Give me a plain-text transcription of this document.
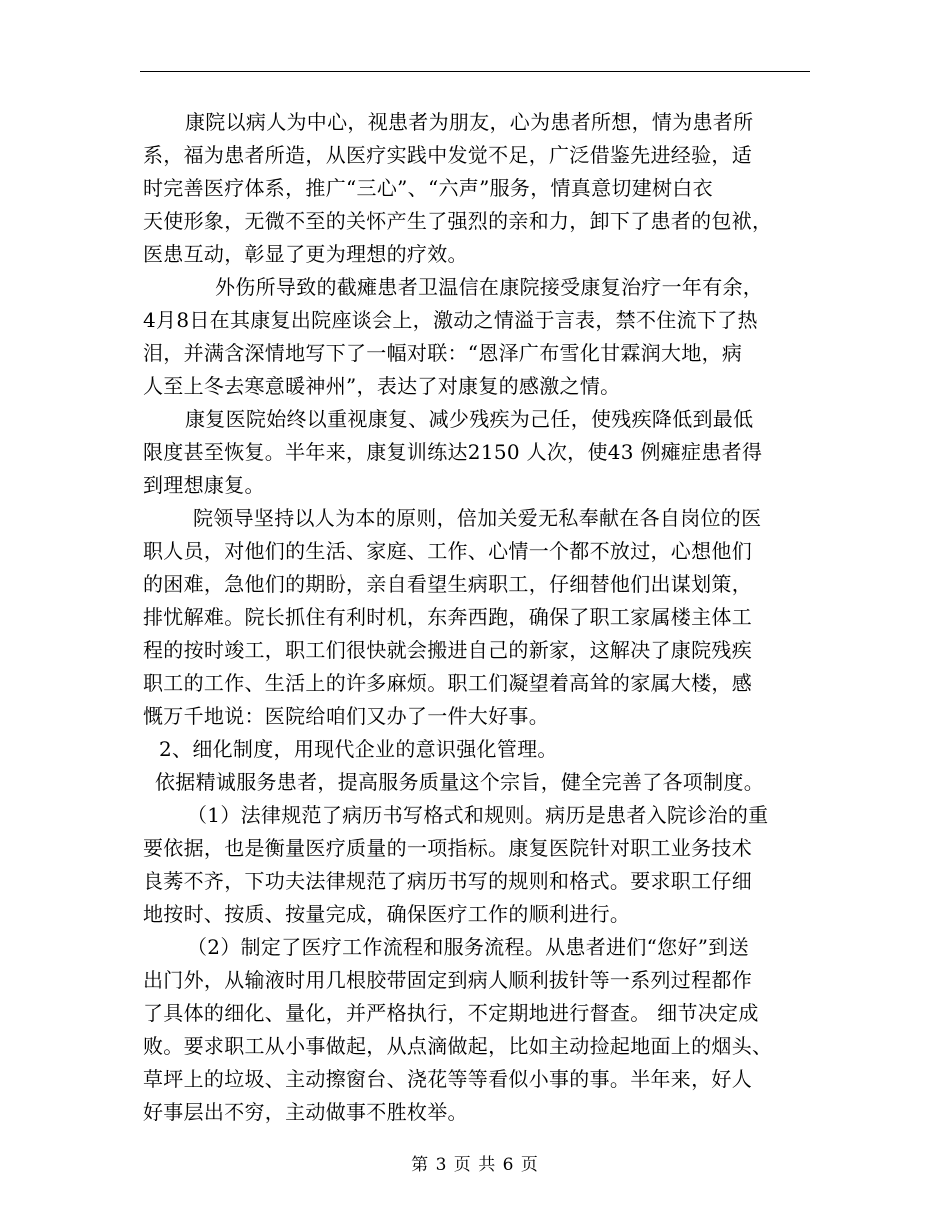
康院以病人为中心，视患者为朋友，心为患者所想，情为患者所
系，福为患者所造，从医疗实践中发觉不足，广泛借鉴先进经验，适
时完善医疗体系，推广“三心”、“六声”服务，情真意切建树白衣
天使形象，无微不至的关怀产生了强烈的亲和力，卸下了患者的包袱，
医患互动，彰显了更为理想的疗效。
外伤所导致的截瘫患者卫温信在康院接受康复治疗一年有余，
4月8日在其康复出院座谈会上，激动之情溢于言表，禁不住流下了热
泪，并满含深情地写下了一幅对联：“恩泽广布雪化甘霖润大地，病
人至上冬去寒意暖神州”，表达了对康复的感激之情。
康复医院始终以重视康复、减少残疾为己任，使残疾降低到最低
限度甚至恢复。半年来，康复训练达2150 人次，使43 例瘫症患者得
到理想康复。
院领导坚持以人为本的原则，倍加关爱无私奉献在各自岗位的医
职人员，对他们的生活、家庭、工作、心情一个都不放过，心想他们
的困难，急他们的期盼，亲自看望生病职工，仔细替他们出谋划策，
排忧解难。院长抓住有利时机，东奔西跑，确保了职工家属楼主体工
程的按时竣工，职工们很快就会搬进自己的新家，这解决了康院残疾
职工的工作、生活上的许多麻烦。职工们凝望着高耸的家属大楼，感
慨万千地说：医院给咱们又办了一件大好事。
2、细化制度，用现代企业的意识强化管理。
依据精诚服务患者，提高服务质量这个宗旨，健全完善了各项制度。
（1）法律规范了病历书写格式和规则。病历是患者入院诊治的重
要依据，也是衡量医疗质量的一项指标。康复医院针对职工业务技术
良莠不齐，下功夫法律规范了病历书写的规则和格式。要求职工仔细
地按时、按质、按量完成，确保医疗工作的顺利进行。
（2）制定了医疗工作流程和服务流程。从患者进们“您好”到送
出门外，从输液时用几根胶带固定到病人顺利拔针等一系列过程都作
了具体的细化、量化，并严格执行，不定期地进行督查。 细节决定成
败。要求职工从小事做起，从点滴做起，比如主动捡起地面上的烟头、
草坪上的垃圾、主动擦窗台、浇花等等看似小事的事。半年来，好人
好事层出不穷，主动做事不胜枚举。
第 3 页 共 6 页
